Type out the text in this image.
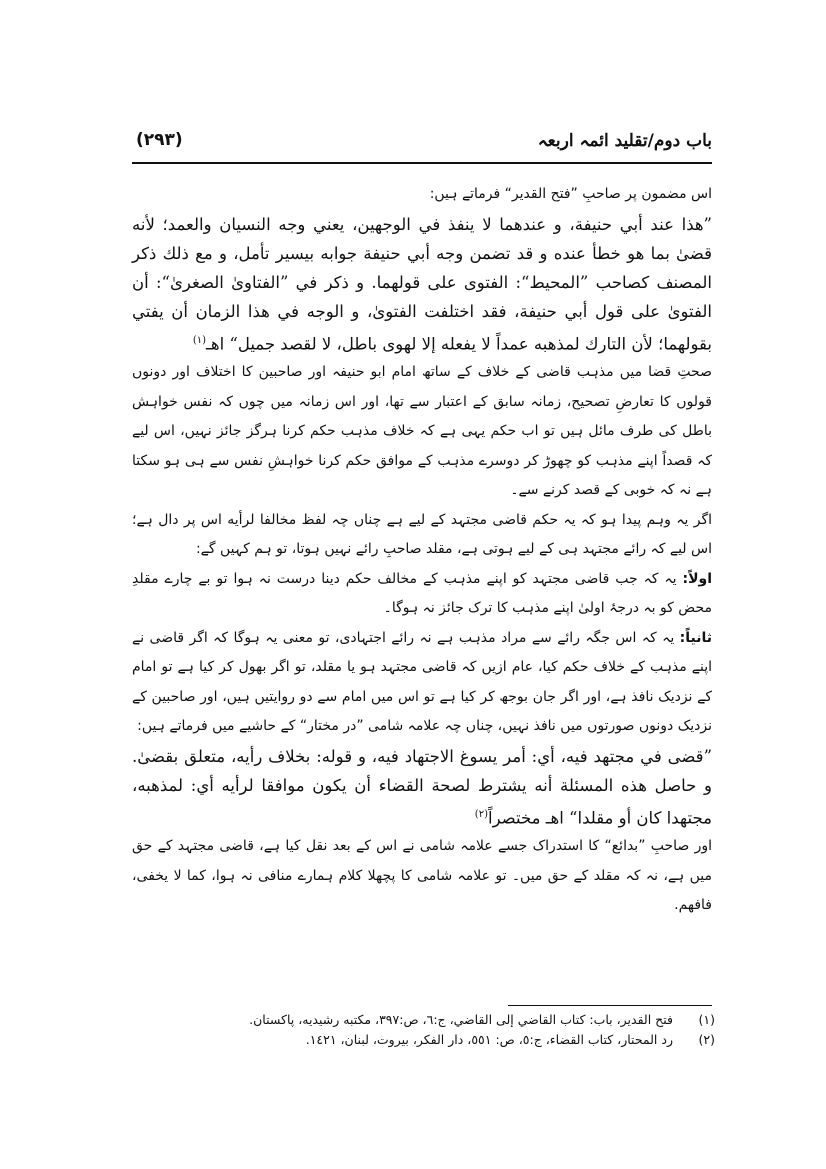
باب دوم/تقلید ائمہ اربعہ
(۲۹۳)

اس مضمون پر صاحبِ ”فتح القدیر“ فرماتے ہیں:

”هذا عند أبي حنيفة، و عندهما لا ينفذ في الوجهين، يعني وجه النسيان والعمد؛ لأنه قضىٰ بما هو خطأ عنده و قد تضمن وجه أبي حنيفة جوابه بيسير تأمل، و مع ذلك ذكر المصنف كصاحب ”المحيط“: الفتوى على قولهما. و ذكر في ”الفتاوىٰ الصغرىٰ“: أن الفتوىٰ على قول أبي حنيفة، فقد اختلفت الفتوىٰ، و الوجه في هذا الزمان أن يفتي بقولهما؛ لأن التارك لمذهبه عمداً لا يفعله إلا لهوى باطل، لا لقصد جميل“ اهـ$^{(۱)}$

صحتِ قضا میں مذہب قاضی کے خلاف کے ساتھ امام ابو حنیفہ اور صاحبین کا اختلاف اور دونوں قولوں کا تعارضِ تصحیح، زمانہ سابق کے اعتبار سے تھا، اور اس زمانہ میں چوں کہ نفس خواہش باطل کی طرف مائل ہیں تو اب حکم یہی ہے کہ خلاف مذہب حکم کرنا ہرگز جائز نہیں، اس لیے کہ قصداً اپنے مذہب کو چھوڑ کر دوسرے مذہب کے موافق حکم کرنا خواہشِ نفس سے ہی ہو سکتا ہے نہ کہ خوبی کے قصد کرنے سے۔

اگر یہ وہم پیدا ہو کہ یہ حکم قاضی مجتہد کے لیے ہے چناں چہ لفظ مخالفا لرأيه اس پر دال ہے؛ اس لیے کہ رائے مجتہد ہی کے لیے ہوتی ہے، مقلد صاحبِ رائے نہیں ہوتا، تو ہم کہیں گے:

اولاً: یہ کہ جب قاضی مجتہد کو اپنے مذہب کے مخالف حکم دینا درست نہ ہوا تو بے چارے مقلدِ محض کو بہ درجۂ اولیٰ اپنے مذہب کا ترک جائز نہ ہوگا۔

ثانیاً: یہ کہ اس جگہ رائے سے مراد مذہب ہے نہ رائے اجتہادی، تو معنی یہ ہوگا کہ اگر قاضی نے اپنے مذہب کے خلاف حکم کیا، عام ازیں کہ قاضی مجتہد ہو یا مقلد، تو اگر بھول کر کیا ہے تو امام کے نزدیک نافذ ہے، اور اگر جان بوجھ کر کیا ہے تو اس میں امام سے دو روایتیں ہیں، اور صاحبین کے نزدیک دونوں صورتوں میں نافذ نہیں، چناں چہ علامہ شامی ”در مختار“ کے حاشیے میں فرماتے ہیں:

”قضى في مجتهد فيه، أي: أمر يسوغ الاجتهاد فيه، و قوله: بخلاف رأيه، متعلق بقضىٰ. و حاصل هذه المسئلة أنه يشترط لصحة القضاء أن يكون موافقا لرأيه أي: لمذهبه، مجتهدا كان أو مقلدا“ اهـ مختصراً$^{(۲)}$

اور صاحبِ ”بدائع“ کا استدراک جسے علامہ شامی نے اس کے بعد نقل کیا ہے، قاضی مجتہد کے حق میں ہے، نہ کہ مقلد کے حق میں۔ تو علامہ شامی کا پچھلا کلام ہمارے منافی نہ ہوا، کما لا يخفى، فافهم.

(۱)
فتح القدير، باب: كتاب القاضي إلى القاضي، ج:٦، ص:٣٩٧، مكتبه رشيديه، پاكستان.
(۲)
رد المحتار، كتاب القضاء، ج:٥، ص: ٥٥١، دار الفكر، بيروت، لبنان، ١٤٢١.
